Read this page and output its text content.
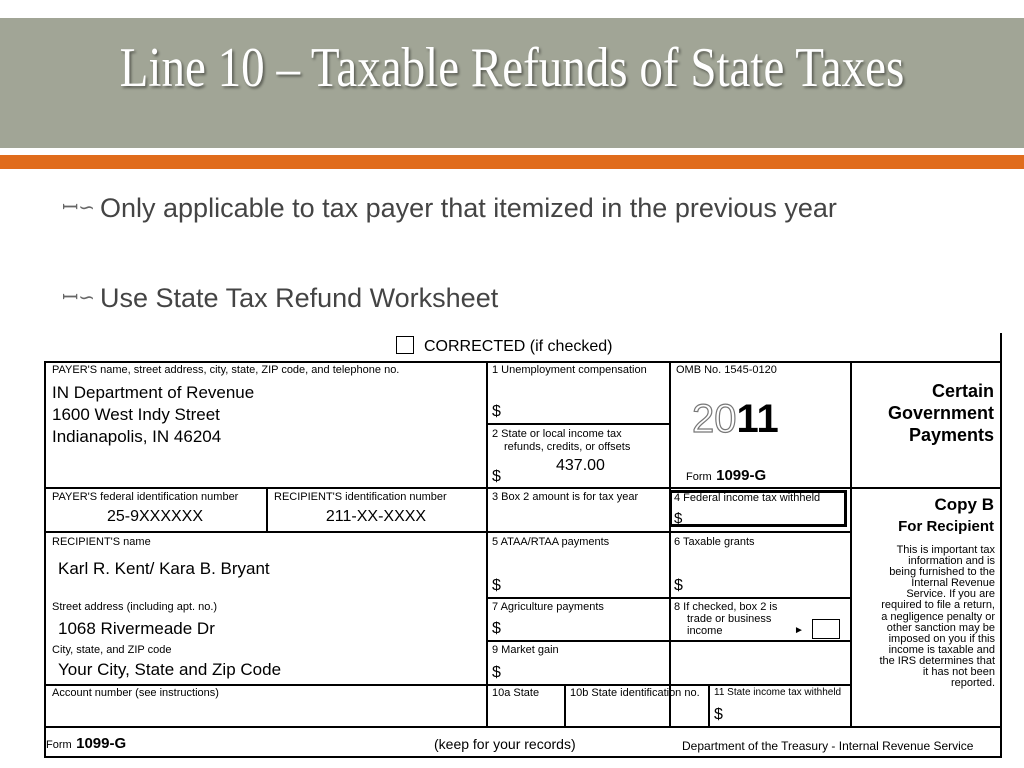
Line 10 – Taxable Refunds of State Taxes
ꟷ∽ Only applicable to tax payer that itemized in the previous year
ꟷ∽ Use State Tax Refund Worksheet
CORRECTED (if checked)
PAYER'S name, street address, city, state, ZIP code, and telephone no.
IN Department of Revenue
1600 West Indy Street
Indianapolis, IN 46204
1 Unemployment compensation
$
2 State or local income tax
refunds, credits, or offsets
437.00
$
OMB No. 1545-0120
2011
Form 1099-G
Certain
Government
Payments
PAYER'S federal identification number
25-9XXXXXX
RECIPIENT'S identification number
211-XX-XXXX
3 Box 2 amount is for tax year	4 Federal income tax withheld
$
Copy B
For Recipient
This is important tax
information and is
being furnished to the
Internal Revenue
Service. If you are
required to file a return,
a negligence penalty or
other sanction may be
imposed on you if this
income is taxable and
the IRS determines that
it has not been
reported.
RECIPIENT'S name
Karl R. Kent/ Kara B. Bryant
Street address (including apt. no.)
1068 Rivermeade Dr
City, state, and ZIP code
Your City, State and Zip Code
Account number (see instructions)
5 ATAA/RTAA payments
$
6 Taxable grants
$
7 Agriculture payments
$
8 If checked, box 2 is
trade or business
income	►
9 Market gain
$
10a State	10b State identification no. 11 State income tax withheld
$
Form 1099-G	(keep for your records)	Department of the Treasury - Internal Revenue Service
